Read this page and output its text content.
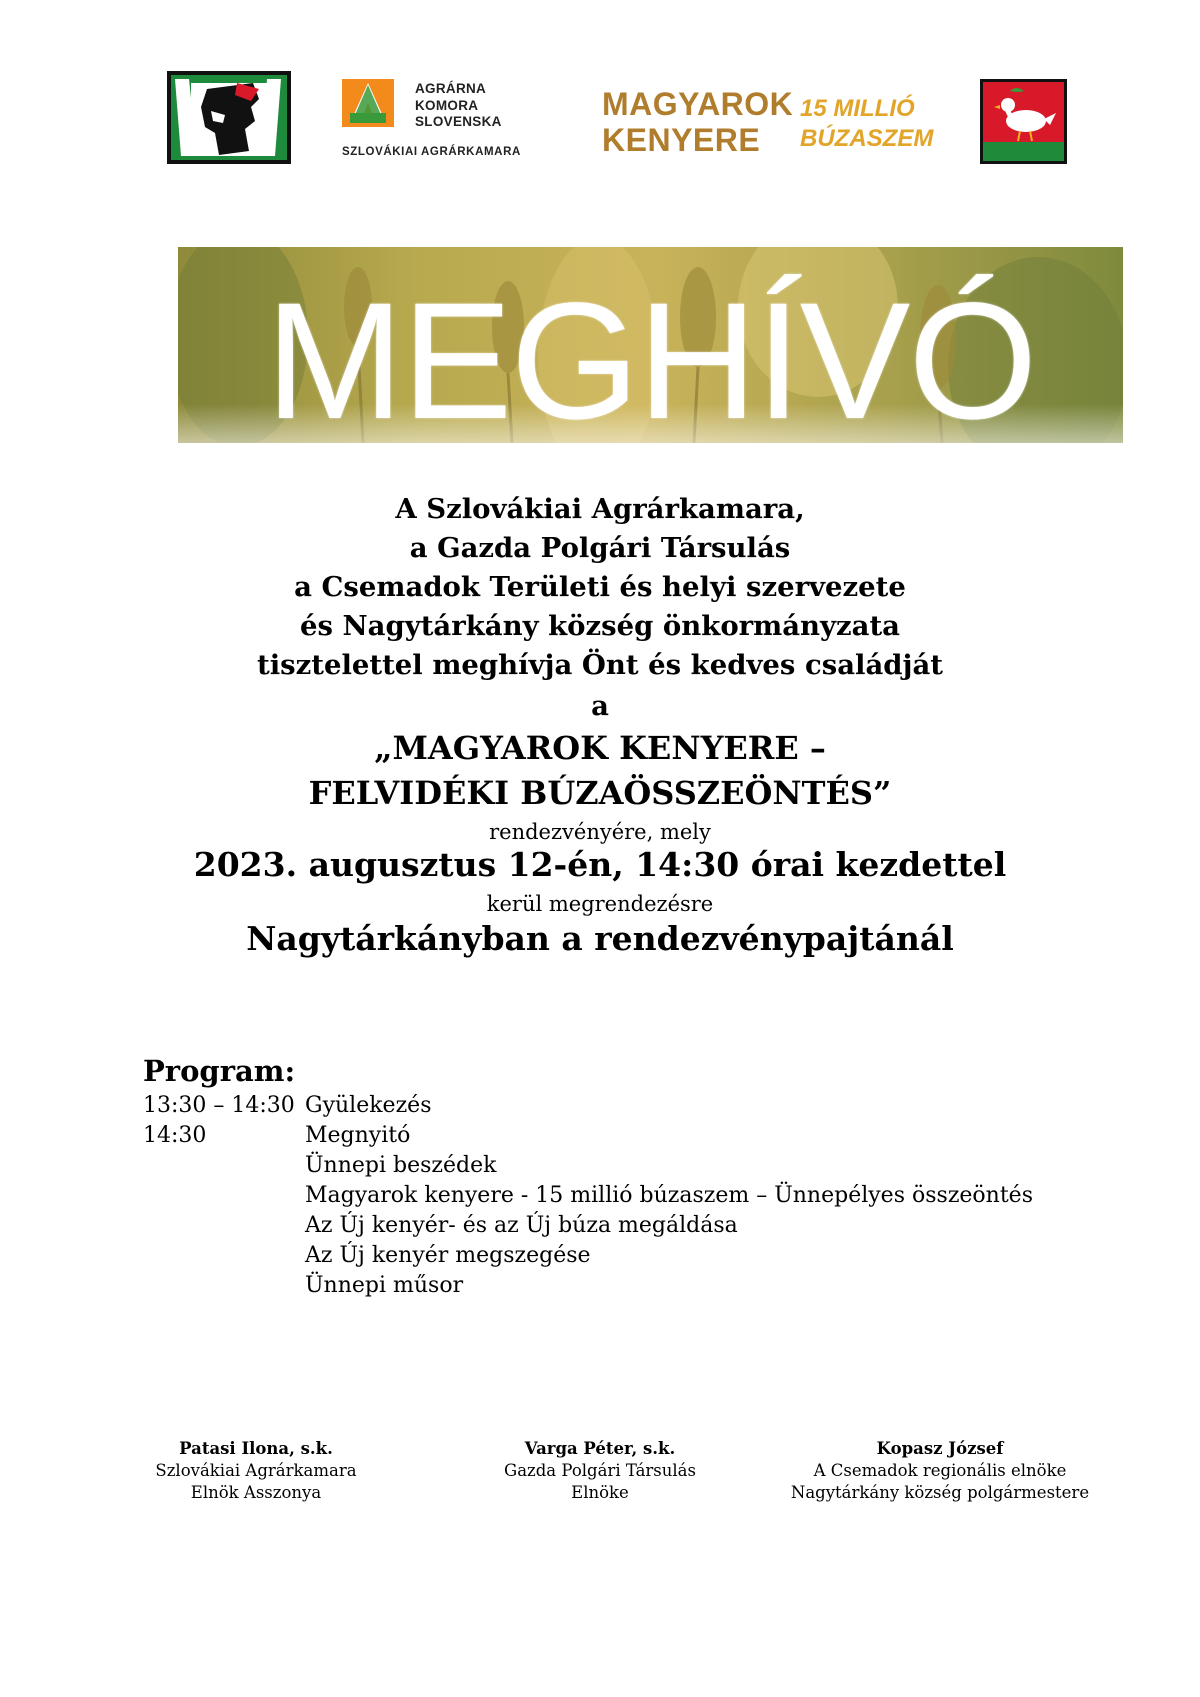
AGRÁRNA
KOMORA
SLOVENSKA
SZLOVÁKIAI AGRÁRKAMARA
MAGYAROK
KENYERE
15 MILLIÓ
BÚZASZEM
MEGHÍVÓ
A Szlovákiai Agrárkamara,
a Gazda Polgári Társulás
a Csemadok Területi és helyi szervezete
és Nagytárkány község önkormányzata
tisztelettel meghívja Önt és kedves családját
a
„MAGYAROK KENYERE –
FELVIDÉKI BÚZAÖSSZEÖNTÉS”
rendezvényére, mely
2023. augusztus 12-én, 14:30 órai kezdettel
kerül megrendezésre
Nagytárkányban a rendezvénypajtánál
Program:
13:30 – 14:30 Gyülekezés
14:30	Megnyitó
Ünnepi beszédek
Magyarok kenyere - 15 millió búzaszem – Ünnepélyes összeöntés
Az Új kenyér- és az Új búza megáldása
Az Új kenyér megszegése
Ünnepi műsor
Patasi Ilona, s.k.
Szlovákiai Agrárkamara
Elnök Asszonya
Varga Péter, s.k.
Gazda Polgári Társulás
Elnöke
Kopasz József
A Csemadok regionális elnöke
Nagytárkány község polgármestere
